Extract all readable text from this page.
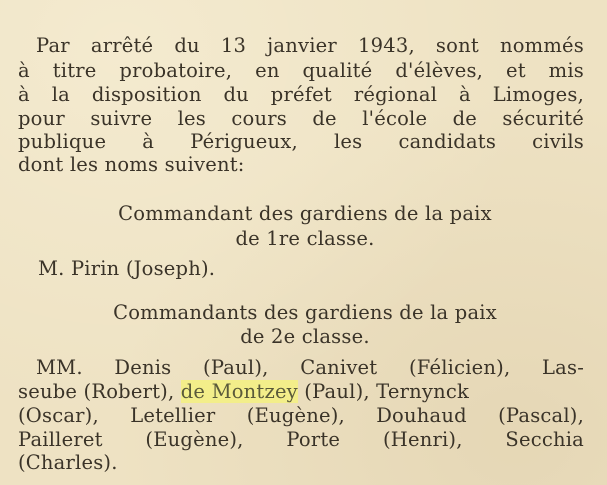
Par arrêté du 13 janvier 1943, sont nommés
à titre probatoire, en qualité d'élèves, et mis
à la disposition du préfet régional à Limoges,
pour suivre les cours de l'école de sécurité
publique à Périgueux, les candidats civils
dont les noms suivent:
Commandant des gardiens de la paix
de 1re classe.
M. Pirin (Joseph).
Commandants des gardiens de la paix
de 2e classe.
MM. Denis (Paul), Canivet (Félicien), Las-
seube (Robert), de Montzey (Paul), Ternynck
(Oscar), Letellier (Eugène), Douhaud (Pascal),
Pailleret (Eugène), Porte (Henri), Secchia
(Charles).
